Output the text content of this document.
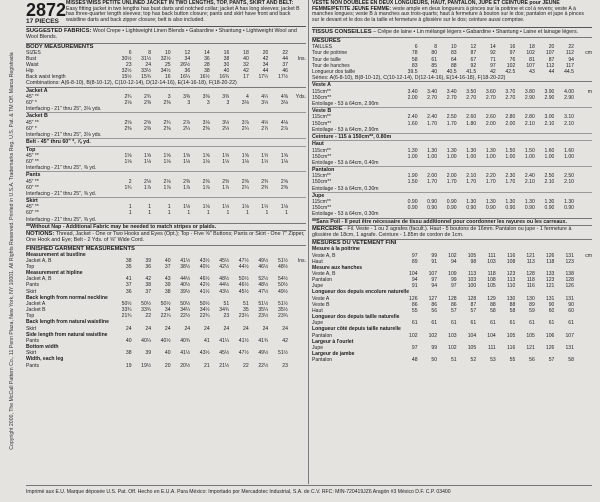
Copyright 2000, The McCall Pattern Co., 11 Penn Plaza, New York, NY 10001. All Rights Reserved. Printed in U.S.A. Trademarks Reg. U.S. Pat. & TM Off. Marca Registrada
2872
17 PIECES
MISSES'/MISS PETITE UNLINED JACKET IN TWO LENGTHS, TOP, PANTS, SKIRT AND BELT: Easy fitting jacket in two lengths has bust darts and notched collar; jacket A has long sleeves; jacket B has three-quarter length sleeves; top has back button closure; pants and skirt have front and back waistline darts and back zipper closure; belt is also included.
SUGGESTED FABRICS: Wool Crepe • Lightweight Linen Blends • Gabardine • Shantung • Lightweight Wool and Wool Blends.
BODY MEASUREMENTS
SIZES	6	8	10	12	14	16	18	20	22	
Bust	30½	31½	32½	34	36	38	40	42	44	Ins.
Waist	23	24	25	26½	28	30	32	34	37	
Hip	32½	33½	34½	36	38	40	42	44	46	
Back waist length	15½	15¾	16	16¼	16½	16¾	17	17¼	17½	
Combinations: A(6-8-10), B(8-10-12), C(10-12-14), D(12-14-16), E(14-16-18), F(18-20-22)
Jacket A
45" **	2¾	2¾	3	3⅜	3⅜	3⅜	4	4¼	4⅜	Yds.
60" *	2⅛	2⅜	2⅜	3	3	3	3⅛	3⅛	3⅛	
Interfacing - 21" thru 25", 3⅛ yds.										
Jacket B
45" **	2⅝	2⅝	2¾	2⅞	3⅛	3⅛	3⅞	4⅛	4⅛	
60" *	2⅜	2⅜	2⅜	2¼	2⅜	2⅛	2¼	2⅞	2⅞	
Interfacing - 21" thru 25", 3⅛ yds.										
Belt - 45" thru 60" *, ⅞ yd.
Top
45" **	1⅝	1⅝	1⅝	1⅝	1⅝	1⅝	1⅝	1⅝	1⅝	
60" **	1⅛	1⅛	1⅛	1⅛	1⅛	1⅛	1⅛	1⅛	1⅛	
Interfacing - 21" thru 25", ⅜ yd.										
Pants
45" **	2	2⅛	2⅛	2⅜	2⅜	2⅜	2⅜	2⅜	2⅝	
60" **	1¾	1⅞	1⅞	1⅞	1⅞	1⅞	2¼	2⅜	2⅜	
Interfacing - 21" thru 25", ⅜ yd.										
Skirt
45" **	1	1	1	1⅛	1⅛	1⅛	1⅛	1⅛	1⅛	
60" **	1	1	1	1	1	1	1	1	1	
Interfacing - 21" thru 25", ⅜ yd.										
**Without Nap - Additional Fabric may be needed to match stripes or plaids.
NOTIONS: Thread, Jacket - One or Two Hooks and Eyes (Opt.); Top - Five ⅝" Buttons; Pants or Skirt - One 7" Zipper, One Hook and Eye; Belt - 2 Yds. of ⅝" Wide Cord.
FINISHED GARMENT MEASUREMENTS
Measurement at bustline										
Jacket A, B	38	39	40	41½	43½	45½	47½	49½	51½	Ins.
Top	35	36	37	38½	40½	42½	44½	46½	48½	
Measurement at hipline										
Jacket A, B	41	42	43	44½	46½	48½	50½	52½	54½	
Pants	37	38	39	40½	42½	44½	46½	48½	50½	
Skirt	36	37	38	39½	41½	43½	45½	47½	49½	
Back length from normal neckline										
Jacket A	50½	50½	50½	50½	50½	51	51	51½	51½	
Jacket B	33¾	33¾	34	34¼	34½	34¾	35	35¼	35½	
Top	21¾	22	22¼	22½	22¾	23	23¼	23½	23¾	
Back length from natural waistline										
Skirt	24	24	24	24	24	24	24	24	24	
Side length from natural waistline										
Pants	40	40¼	40½	40¾	41	41¼	41½	41¾	42	
Bottom width										
Skirt	38	39	40	41½	43½	45½	47½	49½	51½	
Width, each leg										
Pants	19	19½	20	20½	21	21½	22	22½	23	
VESTE NON DOUBLEE EN DEUX LONGUEURS, HAUT, PANTALON, JUPE ET CEINTURE pour JEUNE FEMME/PETITE JEUNE FEMME: veste ample en deux longueurs à pinces sur la poitrine et col à revers; veste A à manches longues; veste B à manches aux trois-quarts; haut à fermeture à bouton sur le dos; pantalon et jupe à pinces sur le devant et le dos de la taille et fermeture à glissière sur le dos; ceinture aussi comprise.
TISSUS CONSEILLES – Crêpe de laine • Lin mélangé légers • Gabardine • Shantung • Laine et lainage légers.
MESURES
TAILLES	6	8	10	12	14	16	18	20	22	
Tour de poitrine	78	80	83	87	92	97	102	107	112	cm
Tour de taille	58	61	64	67	71	76	81	87	94	
Tour de hanches	83	85	88	92	97	102	107	112	117	
Longueur dos taille	39.5	40	40.5	41.5	42	42.5	43	44	44.5	
Séries: A(6-8-10), B(8-10-12), C(10-12-14), D(12-14-16), E(14-16-18), F(18-20-22)
Veste A
115cm**	3.40	3.40	3.40	3.50	3.60	3.70	3.80	3.90	4.00	m
150cm**	2.00	2.70	2.70	2.70	2.70	2.70	2.90	2.90	2.90	
Entoilage - 53 à 64cm, 2.90m										
Veste B
115cm**	2.40	2.40	2.50	2.60	2.60	2.80	2.80	3.00	3.10	
150cm**	1.60	1.70	1.70	1.80	2.00	2.00	2.10	2.10	2.10	
Entoilage - 53 à 64cm, 2.90m										
Ceinture - 115 à 150cm**, 0.80m
Haut
115cm**	1.30	1.30	1.30	1.30	1.30	1.50	1.50	1.60	1.60	
150cm**	1.00	1.00	1.00	1.00	1.00	1.00	1.00	1.00	1.00	
Entoilage - 53 à 64cm, 0.40m										
Pantalon
115cm**	1.90	2.00	2.00	2.10	2.20	2.30	2.40	2.50	2.50	
150cm**	1.50	1.70	1.70	1.70	1.70	1.70	2.10	2.10	2.10	
Entoilage - 53 à 64cm, 0.30m										
Jupe
115cm**	0.90	0.90	0.90	1.30	1.30	1.30	1.30	1.30	1.30	
150cm**	0.90	0.90	0.90	0.90	0.90	0.90	0.90	0.90	0.90	
Entoilage - 53 à 64cm, 0.30m										
**Sans Poil - Il peut être nécessaire de tissu additionnel pour coordonner les rayures ou les carreaux.
MERCERIE - Fil. Veste - 1 ou 2 agrafes (facult.). Haut - 5 boutons de 16mm. Pantalon ou jupe - 1 fermeture à glissière de 18cm, 1 agrafe. Ceinture - 1.85m de cordon de 1cm.
MESURES DU VETEMENT FINI
Mesure à la poitrine										
Veste A, B	97	99	102	105	111	116	121	126	131	cm
Haut	89	91	94	98	103	108	113	118	123	
Mesure aux hanches										
Veste A, B	104	107	109	113	118	123	128	133	138	
Pantalon	94	97	99	103	108	113	118	123	128	
Jupe	91	94	97	100	105	110	116	121	126	
Longueur dos depuis encolure naturelle										
Veste A	126	127	128	128	129	130	130	131	131	
Veste B	86	86	86	87	88	88	89	90	90	
Haut	55	56	57	57	58	58	59	60	60	
Longueur dos depuis taille naturelle										
Jupe	61	61	61	61	61	61	61	61	61	
Longueur côté depuis taille naturelle										
Pantalon	102	102	103	104	104	105	105	106	107	
Largeur à l'ourlet										
Jupe	97	99	102	105	111	116	121	126	131	
Largeur de jambe										
Pantalon	48	50	51	52	53	55	56	57	58	
Imprimé aux E.U. Marque déposée U.S. Pat. Off. Hecho en E.U.A. Para México: Importado por Mercadotec Industrial, S.A. de C.V. RFC: MIN-720419JZ6 Aragón #3 México D.F. C.P. 03400
